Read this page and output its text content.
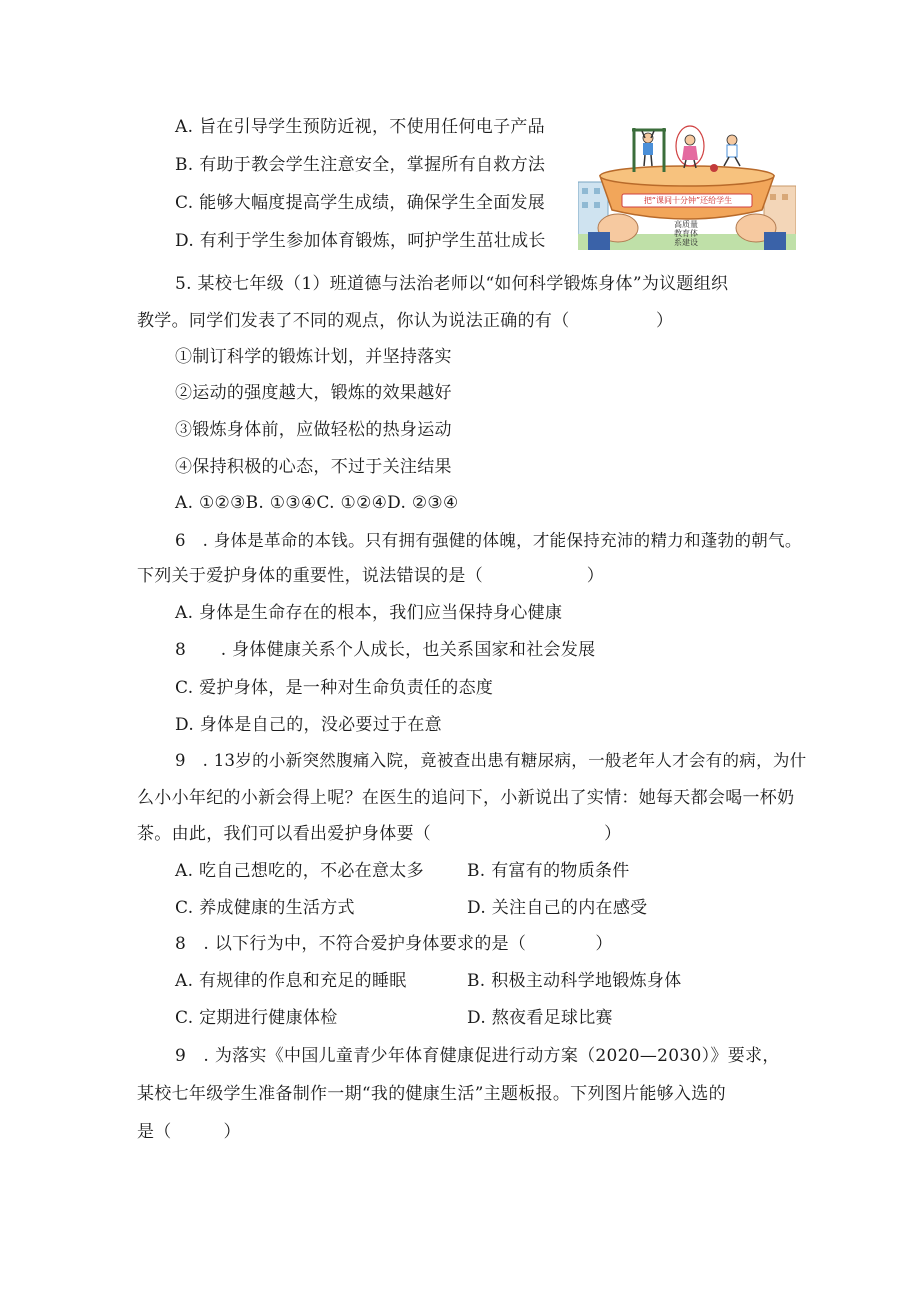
A. 旨在引导学生预防近视，不使用任何电子产品
B. 有助于教会学生注意安全，掌握所有自救方法
C. 能够大幅度提高学生成绩，确保学生全面发展
D. 有利于学生参加体育锻炼，呵护学生茁壮成长
把“课间十分钟”还给学生
高质量
教育体
系建设
5. 某校七年级（1）班道德与法治老师以“如何科学锻炼身体”为议题组织
教学。同学们发表了不同的观点，你认为说法正确的有（　　　　　）
①制订科学的锻炼计划，并坚持落实
②运动的强度越大，锻炼的效果越好
③锻炼身体前，应做轻松的热身运动
④保持积极的心态，不过于关注结果
A. ①②③B. ①③④C. ①②④D. ②③④
6　. 身体是革命的本钱。只有拥有强健的体魄，才能保持充沛的精力和蓬勃的朝气。
下列关于爱护身体的重要性，说法错误的是（　　　　　　）
A. 身体是生命存在的根本，我们应当保持身心健康
8　　. 身体健康关系个人成长，也关系国家和社会发展
C. 爱护身体，是一种对生命负责任的态度
D. 身体是自己的，没必要过于在意
9　. 13岁的小新突然腹痛入院，竟被查出患有糖尿病，一般老年人才会有的病，为什
么小小年纪的小新会得上呢？在医生的追问下，小新说出了实情：她每天都会喝一杯奶
茶。由此，我们可以看出爱护身体要（　　　　　　　　　　）
A. 吃自己想吃的，不必在意太多	B. 有富有的物质条件
C. 养成健康的生活方式	D. 关注自己的内在感受
8　. 以下行为中，不符合爱护身体要求的是（　　　　）
A. 有规律的作息和充足的睡眠	B. 积极主动科学地锻炼身体
C. 定期进行健康体检	D. 熬夜看足球比赛
9　. 为落实《中国儿童青少年体育健康促进行动方案（2020—2030）》要求，
某校七年级学生准备制作一期“我的健康生活”主题板报。下列图片能够入选的
是（　　　）
